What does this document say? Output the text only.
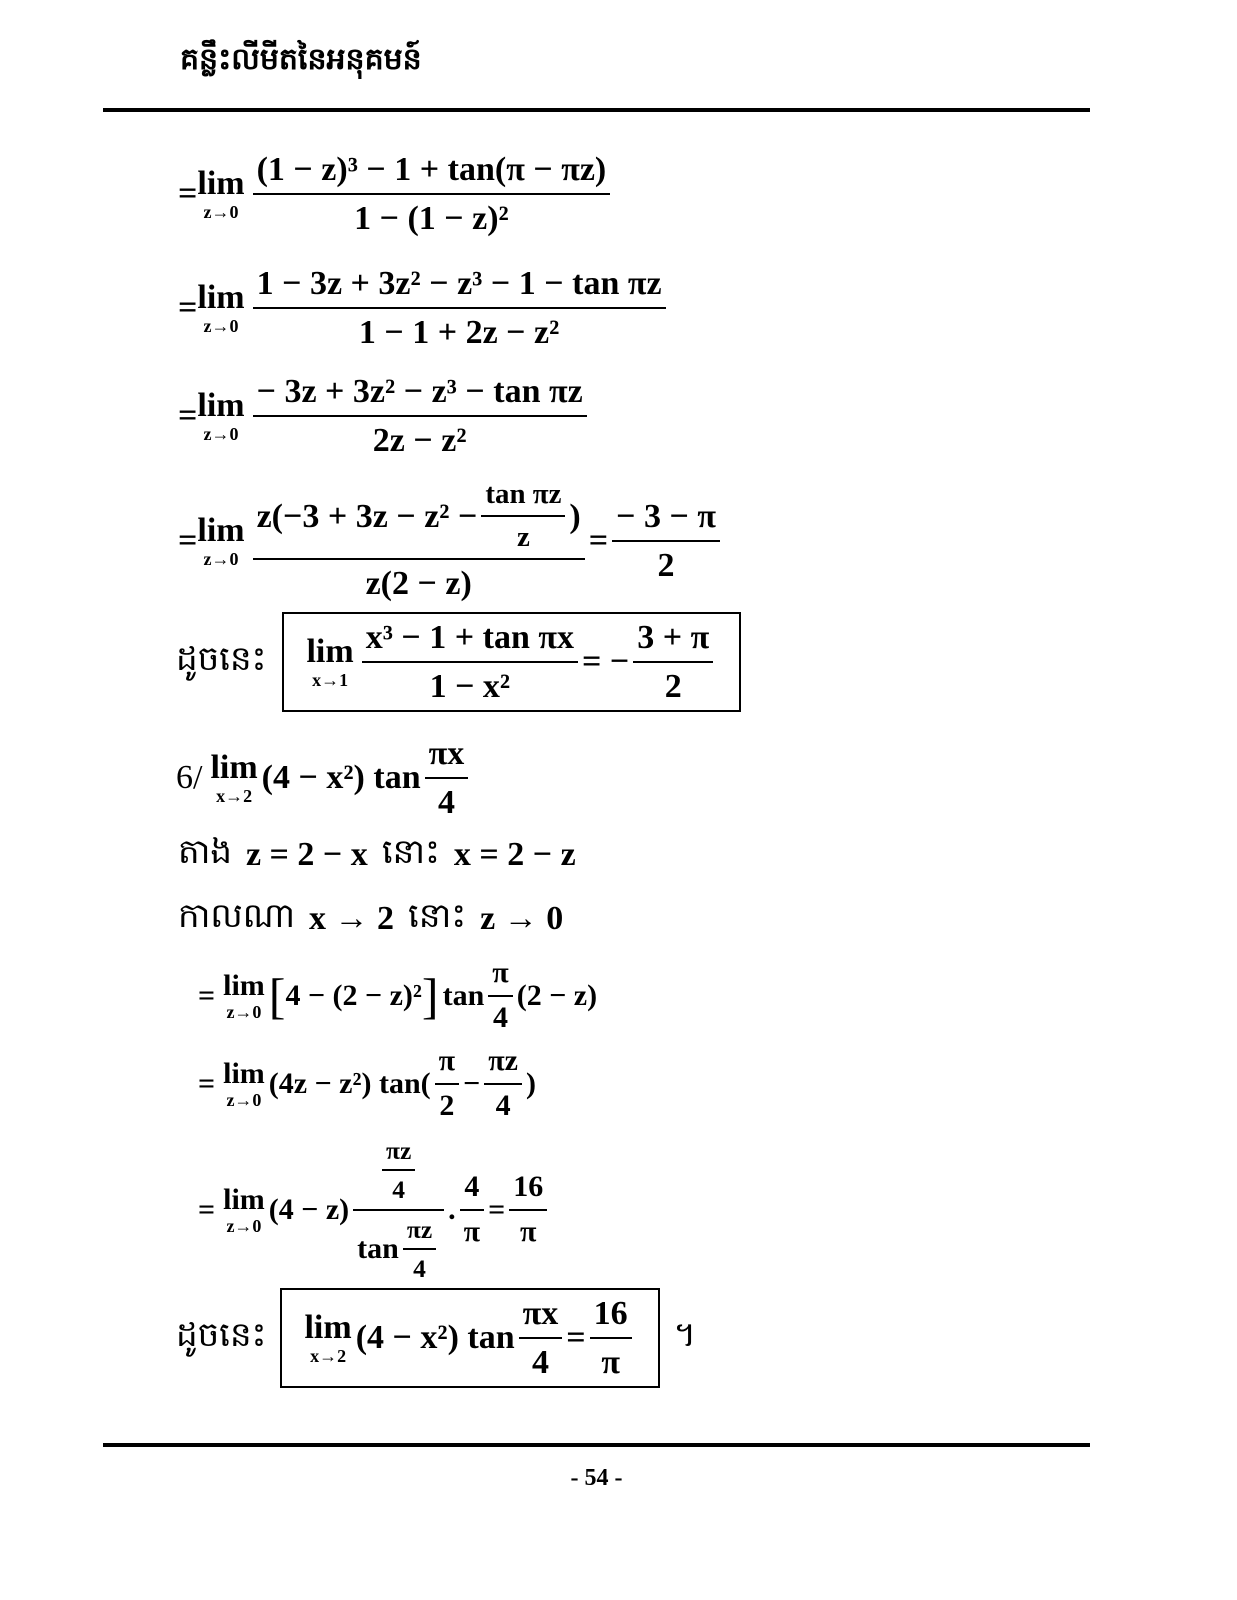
គន្លឹះលីមីតនៃអនុគមន៍
= lim
$z\to 0 \frac{\text{(1 − z)³ − 1 + tan(π − πz)}}{\text{1 − (1 − z)²}}$
= lim
$z\to 0 \frac{\text{1 − 3z + 3z² − z³ − 1 − tan πz}}{\text{1 − 1 + 2z − z²}}$
= lim
$z\to 0 \frac{\text{− 3z + 3z² − z³ − tan πz}}{\text{2z − z²}}$
= lim
z→0
$z(-3 + 3z - z^2 - \frac{\text{tan πz}}{z}$ )
z(2 − z)
= $\frac{- 3 - \pi}{2}$
ដូចនេះ lim
$x\to 1 \frac{\text{x³ − 1 + tan πx}}{\text{1 − x²}}$ = − $\frac{3 + \pi}{2}$
6/ lim
x→2 (4 − x²) $\tan \frac{\pi x}{4}$
តាង z = 2 − x នោះ x = 2 − z
កាលណា x → 2 នោះ z → 0
= lim
z→0 [ 4 − (2 − z)² ] $\tan \frac{\pi}{4} (2 - z)$
= lim
z→0 (4z − z²) $\tan( \frac{\pi}{2} - \frac{\pi z}{4}$ )
= lim
z→0 $(4 - z) \frac{\frac{\pi z}{4}}{\tan \frac{\pi z}{4}}$ . $\frac{4}{\pi} = \frac{16}{\pi}$
ដូចនេះ lim
x→2 (4 − x²) $\tan \frac{\pi x}{4} = \frac{16}{\pi}$ ។
- 54 -
